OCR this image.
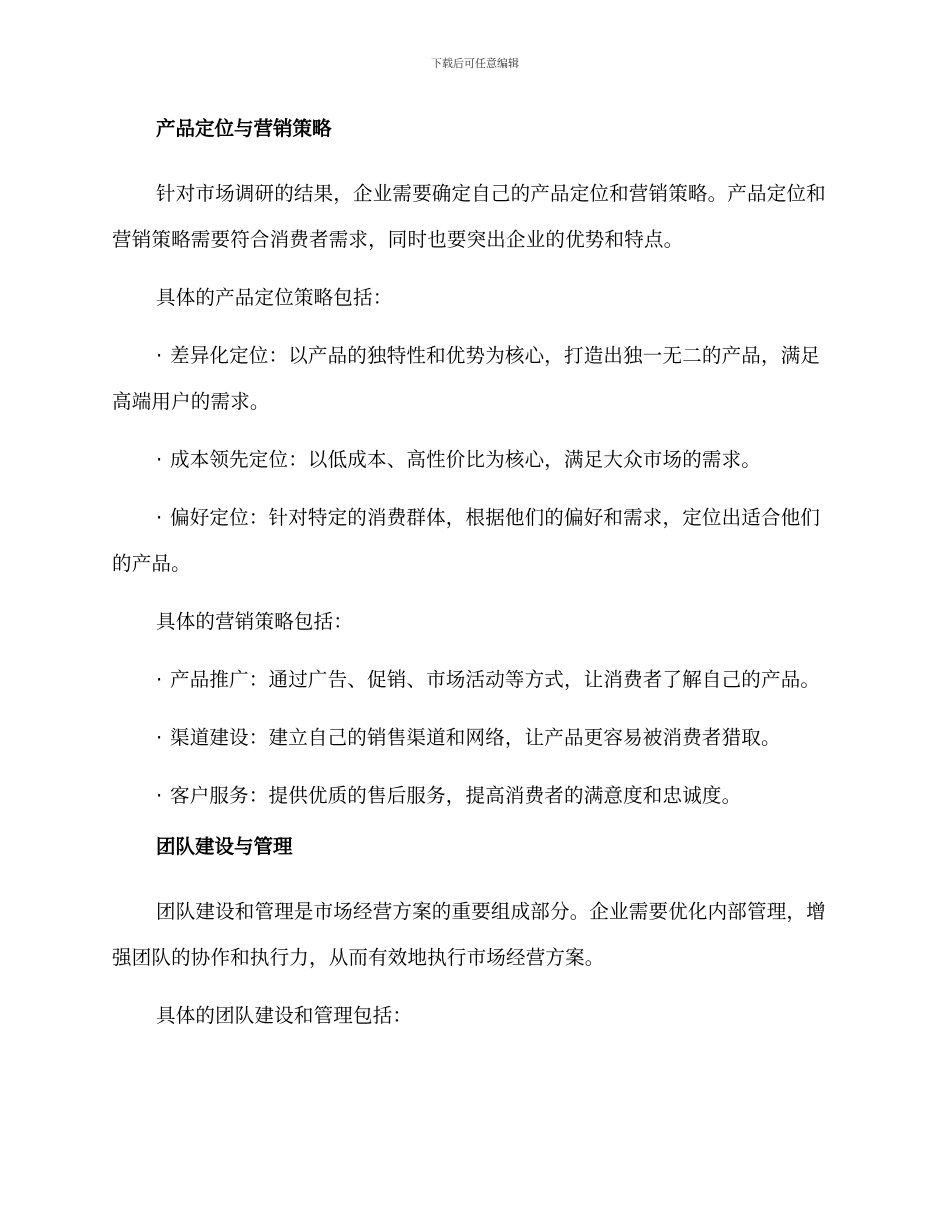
下载后可任意编辑
产品定位与营销策略

针对市场调研的结果，企业需要确定自己的产品定位和营销策略。产品定位和营销策略需要符合消费者需求，同时也要突出企业的优势和特点。

具体的产品定位策略包括：

· 差异化定位：以产品的独特性和优势为核心，打造出独一无二的产品，满足高端用户的需求。

· 成本领先定位：以低成本、高性价比为核心，满足大众市场的需求。

· 偏好定位：针对特定的消费群体，根据他们的偏好和需求，定位出适合他们的产品。

具体的营销策略包括：

· 产品推广：通过广告、促销、市场活动等方式，让消费者了解自己的产品。

· 渠道建设：建立自己的销售渠道和网络，让产品更容易被消费者猎取。

· 客户服务：提供优质的售后服务，提高消费者的满意度和忠诚度。

团队建设与管理

团队建设和管理是市场经营方案的重要组成部分。企业需要优化内部管理，增强团队的协作和执行力，从而有效地执行市场经营方案。

具体的团队建设和管理包括：
